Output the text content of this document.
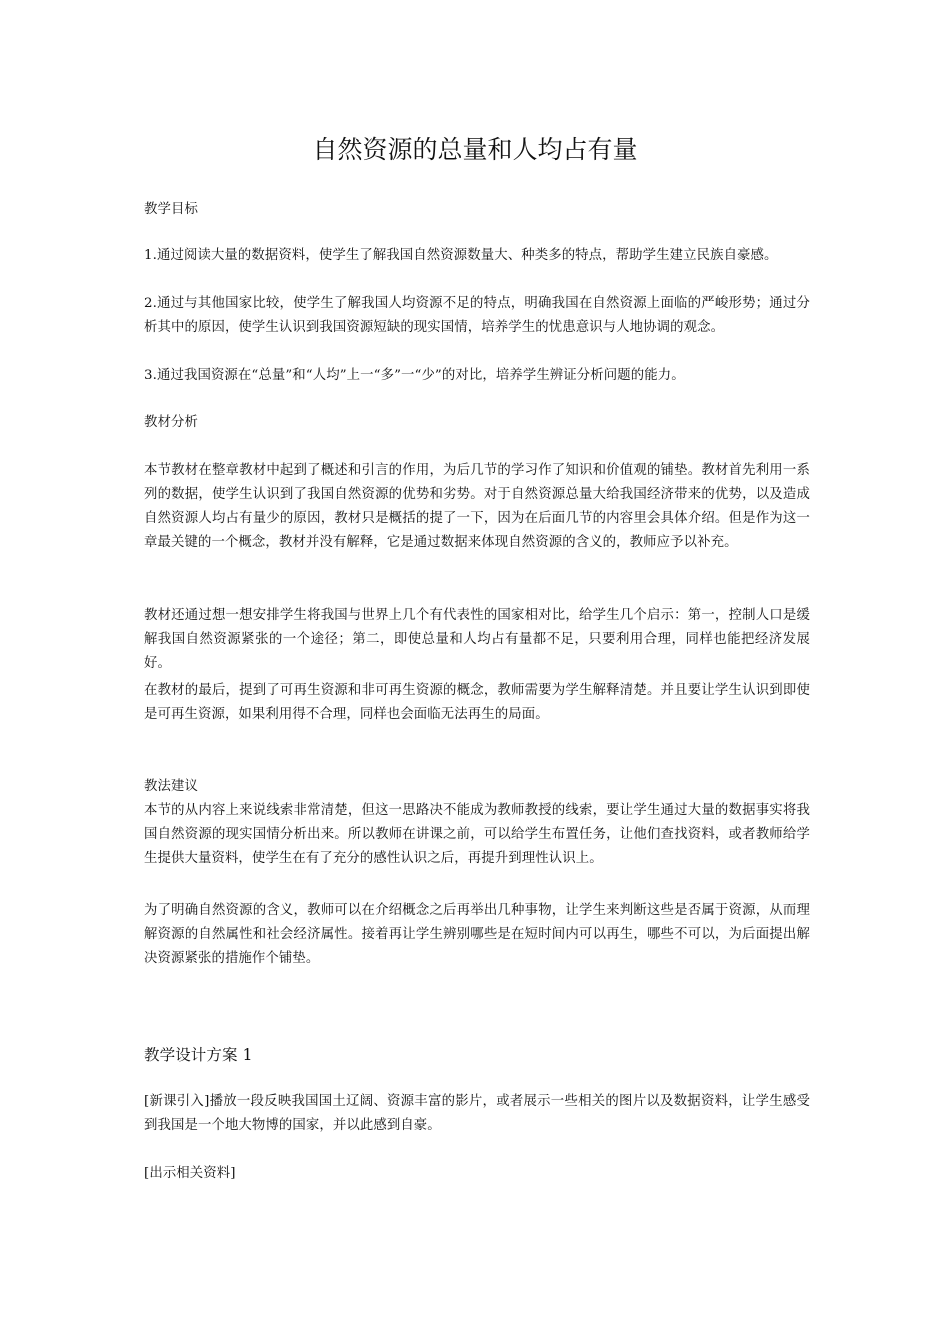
自然资源的总量和人均占有量

教学目标

1.通过阅读大量的数据资料，使学生了解我国自然资源数量大、种类多的特点，帮助学生建立民族自豪感。

2.通过与其他国家比较，使学生了解我国人均资源不足的特点，明确我国在自然资源上面临的严峻形势；通过分析其中的原因，使学生认识到我国资源短缺的现实国情，培养学生的忧患意识与人地协调的观念。

3.通过我国资源在“总量”和“人均”上一“多”一“少”的对比，培养学生辨证分析问题的能力。

教材分析

本节教材在整章教材中起到了概述和引言的作用，为后几节的学习作了知识和价值观的铺垫。教材首先利用一系列的数据，使学生认识到了我国自然资源的优势和劣势。对于自然资源总量大给我国经济带来的优势，以及造成自然资源人均占有量少的原因，教材只是概括的提了一下，因为在后面几节的内容里会具体介绍。但是作为这一章最关键的一个概念，教材并没有解释，它是通过数据来体现自然资源的含义的，教师应予以补充。

教材还通过想一想安排学生将我国与世界上几个有代表性的国家相对比，给学生几个启示：第一，控制人口是缓解我国自然资源紧张的一个途径；第二，即使总量和人均占有量都不足，只要利用合理，同样也能把经济发展好。

在教材的最后，提到了可再生资源和非可再生资源的概念，教师需要为学生解释清楚。并且要让学生认识到即使是可再生资源，如果利用得不合理，同样也会面临无法再生的局面。

教法建议

本节的从内容上来说线索非常清楚，但这一思路决不能成为教师教授的线索，要让学生通过大量的数据事实将我国自然资源的现实国情分析出来。所以教师在讲课之前，可以给学生布置任务，让他们查找资料，或者教师给学生提供大量资料，使学生在有了充分的感性认识之后，再提升到理性认识上。

为了明确自然资源的含义，教师可以在介绍概念之后再举出几种事物，让学生来判断这些是否属于资源，从而理解资源的自然属性和社会经济属性。接着再让学生辨别哪些是在短时间内可以再生，哪些不可以，为后面提出解决资源紧张的措施作个铺垫。

教学设计方案 1

[新课引入]播放一段反映我国国土辽阔、资源丰富的影片，或者展示一些相关的图片以及数据资料，让学生感受到我国是一个地大物博的国家，并以此感到自豪。

[出示相关资料]
